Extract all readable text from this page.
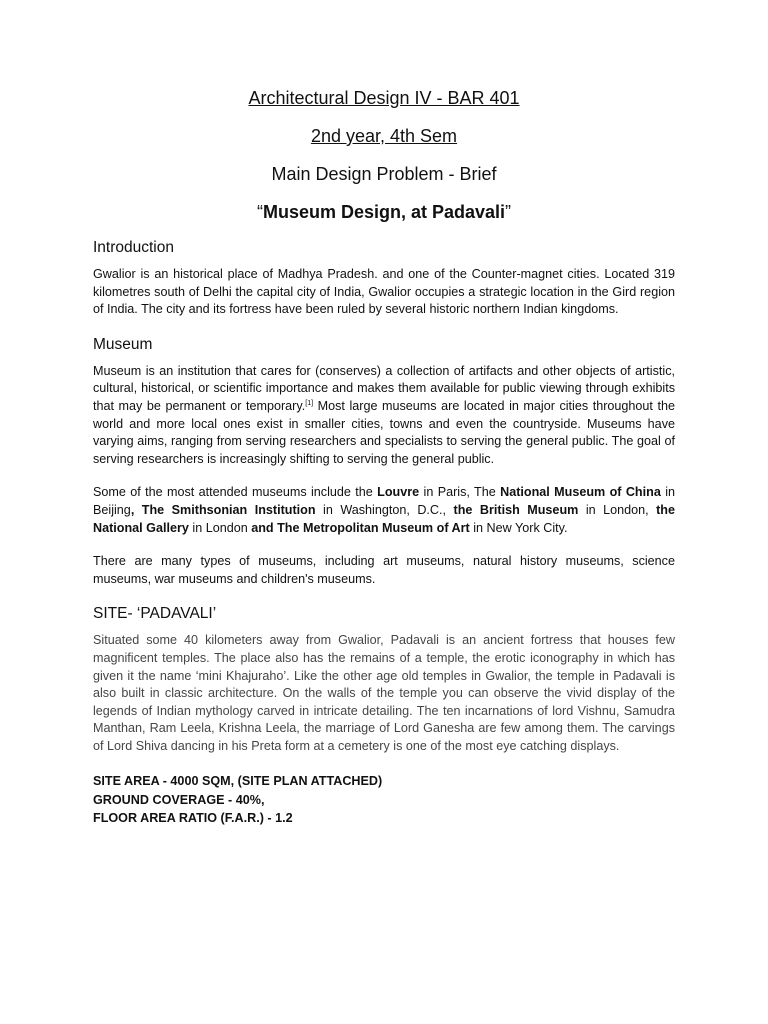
Architectural Design IV - BAR 401
2nd year, 4th Sem
Main Design Problem - Brief
“Museum Design, at Padavali”
Introduction

Gwalior is an historical place of Madhya Pradesh. and one of the Counter-magnet cities. Located 319 kilometres south of Delhi the capital city of India, Gwalior occupies a strategic location in the Gird region of India. The city and its fortress have been ruled by several historic northern Indian kingdoms.

Museum

Museum is an institution that cares for (conserves) a collection of artifacts and other objects of artistic, cultural, historical, or scientific importance and makes them available for public viewing through exhibits that may be permanent or temporary.[1] Most large museums are located in major cities throughout the world and more local ones exist in smaller cities, towns and even the countryside. Museums have varying aims, ranging from serving researchers and specialists to serving the general public. The goal of serving researchers is increasingly shifting to serving the general public.

Some of the most attended museums include the Louvre in Paris, The National Museum of China in Beijing, The Smithsonian Institution in Washington, D.C., the British Museum in London, the National Gallery in London and The Metropolitan Museum of Art in New York City.

There are many types of museums, including art museums, natural history museums, science museums, war museums and children's museums.

SITE- ‘PADAVALI’

Situated some 40 kilometers away from Gwalior, Padavali is an ancient fortress that houses few magnificent temples. The place also has the remains of a temple, the erotic iconography in which has given it the name ‘mini Khajuraho’. Like the other age old temples in Gwalior, the temple in Padavali is also built in classic architecture. On the walls of the temple you can observe the vivid display of the legends of Indian mythology carved in intricate detailing. The ten incarnations of lord Vishnu, Samudra Manthan, Ram Leela, Krishna Leela, the marriage of Lord Ganesha are few among them. The carvings of Lord Shiva dancing in his Preta form at a cemetery is one of the most eye catching displays.

SITE AREA - 4000 SQM, (SITE PLAN ATTACHED)
GROUND COVERAGE - 40%,
FLOOR AREA RATIO (F.A.R.) - 1.2
